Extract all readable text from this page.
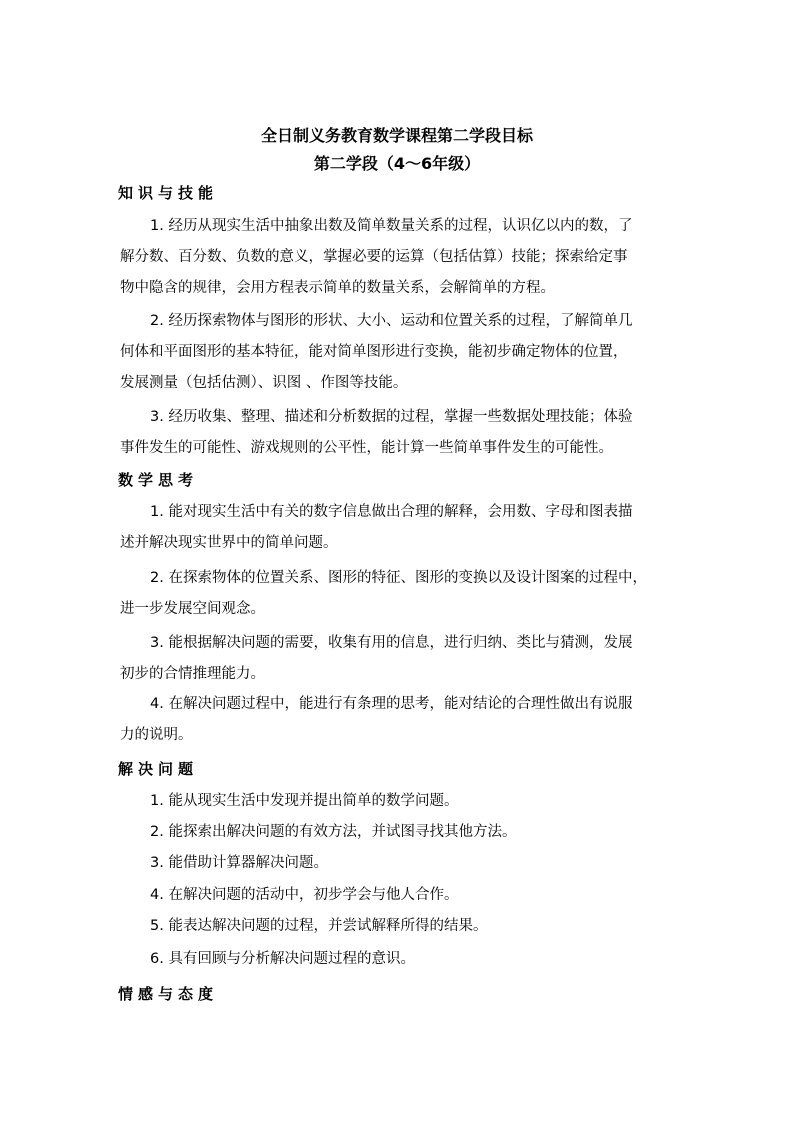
全日制义务教育数学课程第二学段目标
第二学段（4～6年级）
知识与技能
1. 经历从现实生活中抽象出数及简单数量关系的过程，认识亿以内的数，了
解分数、百分数、负数的意义，掌握必要的运算（包括估算）技能；探索给定事
物中隐含的规律，会用方程表示简单的数量关系，会解简单的方程。
2. 经历探索物体与图形的形状、大小、运动和位置关系的过程，了解简单几
何体和平面图形的基本特征，能对简单图形进行变换，能初步确定物体的位置，
发展测量（包括估测）、识图 、作图等技能。
3. 经历收集、整理、描述和分析数据的过程，掌握一些数据处理技能；体验
事件发生的可能性、游戏规则的公平性，能计算一些简单事件发生的可能性。
数学思考
1. 能对现实生活中有关的数字信息做出合理的解释，会用数、字母和图表描
述并解决现实世界中的简单问题。
2. 在探索物体的位置关系、图形的特征、图形的变换以及设计图案的过程中，
进一步发展空间观念。
3. 能根据解决问题的需要，收集有用的信息，进行归纳、类比与猜测，发展
初步的合情推理能力。
4. 在解决问题过程中，能进行有条理的思考，能对结论的合理性做出有说服
力的说明。
解决问题
1. 能从现实生活中发现并提出简单的数学问题。
2. 能探索出解决问题的有效方法，并试图寻找其他方法。
3. 能借助计算器解决问题。
4. 在解决问题的活动中，初步学会与他人合作。
5. 能表达解决问题的过程，并尝试解释所得的结果。
6. 具有回顾与分析解决问题过程的意识。
情感与态度
